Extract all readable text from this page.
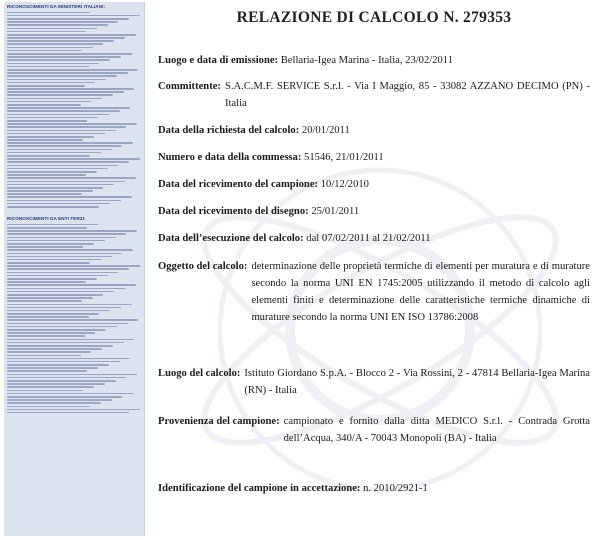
RICONOSCIMENTI DA MINISTERI ITALIANI:
RICONOSCIMENTI DA ENTI TERZI:
RELAZIONE DI CALCOLO N. 279353
Luogo e data di emissione: Bellaria-Igea Marina - Italia, 23/02/2011
Committente: S.A.C.M.F. SERVICE S.r.l. - Via I Maggio, 85 - 33082 AZZANO DECIMO (PN) - Italia
Data della richiesta del calcolo: 20/01/2011
Numero e data della commessa: 51546, 21/01/2011
Data del ricevimento del campione: 10/12/2010
Data del ricevimento del disegno: 25/01/2011
Data dell’esecuzione del calcolo: dal 07/02/2011 al 21/02/2011
Oggetto del calcolo: determinazione delle proprietà termiche di elementi per muratura e di murature secondo la norma UNI EN 1745:2005 utilizzando il metodo di calcolo agli elementi finiti e determinazione delle caratteristiche termiche dinamiche di murature secondo la norma UNI EN ISO 13786:2008
Luogo del calcolo: Istituto Giordano S.p.A. - Blocco 2 - Via Rossini, 2 - 47814 Bellaria-Igea Marina (RN) - Italia
Provenienza del campione: campionato e fornito dalla ditta MEDICO S.r.l. - Contrada Grotta dell’Acqua, 340/A - 70043 Monopoli (BA) - Italia
Identificazione del campione in accettazione: n. 2010/2921-1
